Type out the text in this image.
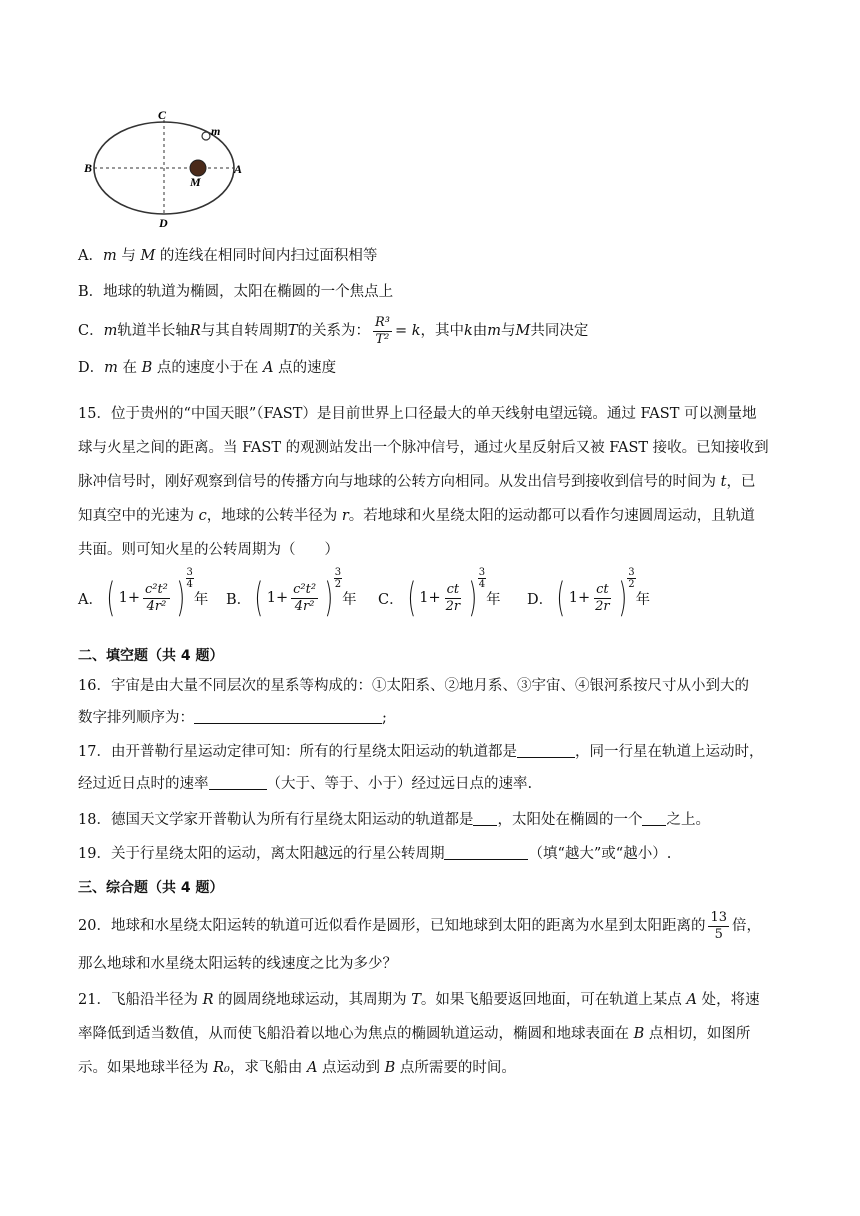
C
B	A
D
m
M
A．m 与 M 的连线在相同时间内扫过面积相等
B．地球的轨道为椭圆，太阳在椭圆的一个焦点上
C． m 轨道半长轴 R 与其自转周期 T 的关系为： $\frac{\text{R³}}{\text{T²}} = k$ ，其中 k 由 m 与 M 共同决定
D．m 在 B 点的速度小于在 A 点的速度
15．位于贵州的“中国天眼”（FAST）是目前世界上口径最大的单天线射电望远镜。通过 FAST 可以测量地
球与火星之间的距离。当 FAST 的观测站发出一个脉冲信号，通过火星反射后又被 FAST 接收。已知接收到
脉冲信号时，刚好观察到信号的传播方向与地球的公转方向相同。从发出信号到接收到信号的时间为 t，已
知真空中的光速为 c，地球的公转半径为 r。若地球和火星绕太阳的运动都可以看作匀速圆周运动，且轨道
共面。则可知火星的公转周期为（　　）
A． ( $1+ \frac{\text{c²t²}}{\text{4r²}}$ )
3
4
年 B． ( $1+ \frac{\text{c²t²}}{\text{4r²}}$ )
3
2
年 C． ( $1+ \frac{ct}{2r}$ )
3
4
年 D． ( $1+ \frac{ct}{2r}$ )
3
2
年
二、填空题（共 4 题）
16．宇宙是由大量不同层次的星系等构成的：①太阳系、②地月系、③宇宙、④银河系按尺寸从小到大的
数字排列顺序为：	;
17．由开普勒行星运动定律可知：所有的行星绕太阳运动的轨道都是	，同一行星在轨道上运动时，
经过近日点时的速率	（大于、等于、小于）经过远日点的速率.
18．德国天文学家开普勒认为所有行星绕太阳运动的轨道都是 ，太阳处在椭圆的一个 之上。
19．关于行星绕太阳的运动，离太阳越远的行星公转周期	（填“越大”或“越小）.
三、综合题（共 4 题）
20．地球和水星绕太阳运转的轨道可近似看作是圆形，已知地球到太阳的距离为水星到太阳距离的 $\frac{13}{5}$ 倍，
那么地球和水星绕太阳运转的线速度之比为多少？
21．飞船沿半径为 R 的圆周绕地球运动，其周期为 T。如果飞船要返回地面，可在轨道上某点 A 处，将速
率降低到适当数值，从而使飞船沿着以地心为焦点的椭圆轨道运动，椭圆和地球表面在 B 点相切，如图所
示。如果地球半径为 R₀，求飞船由 A 点运动到 B 点所需要的时间。
